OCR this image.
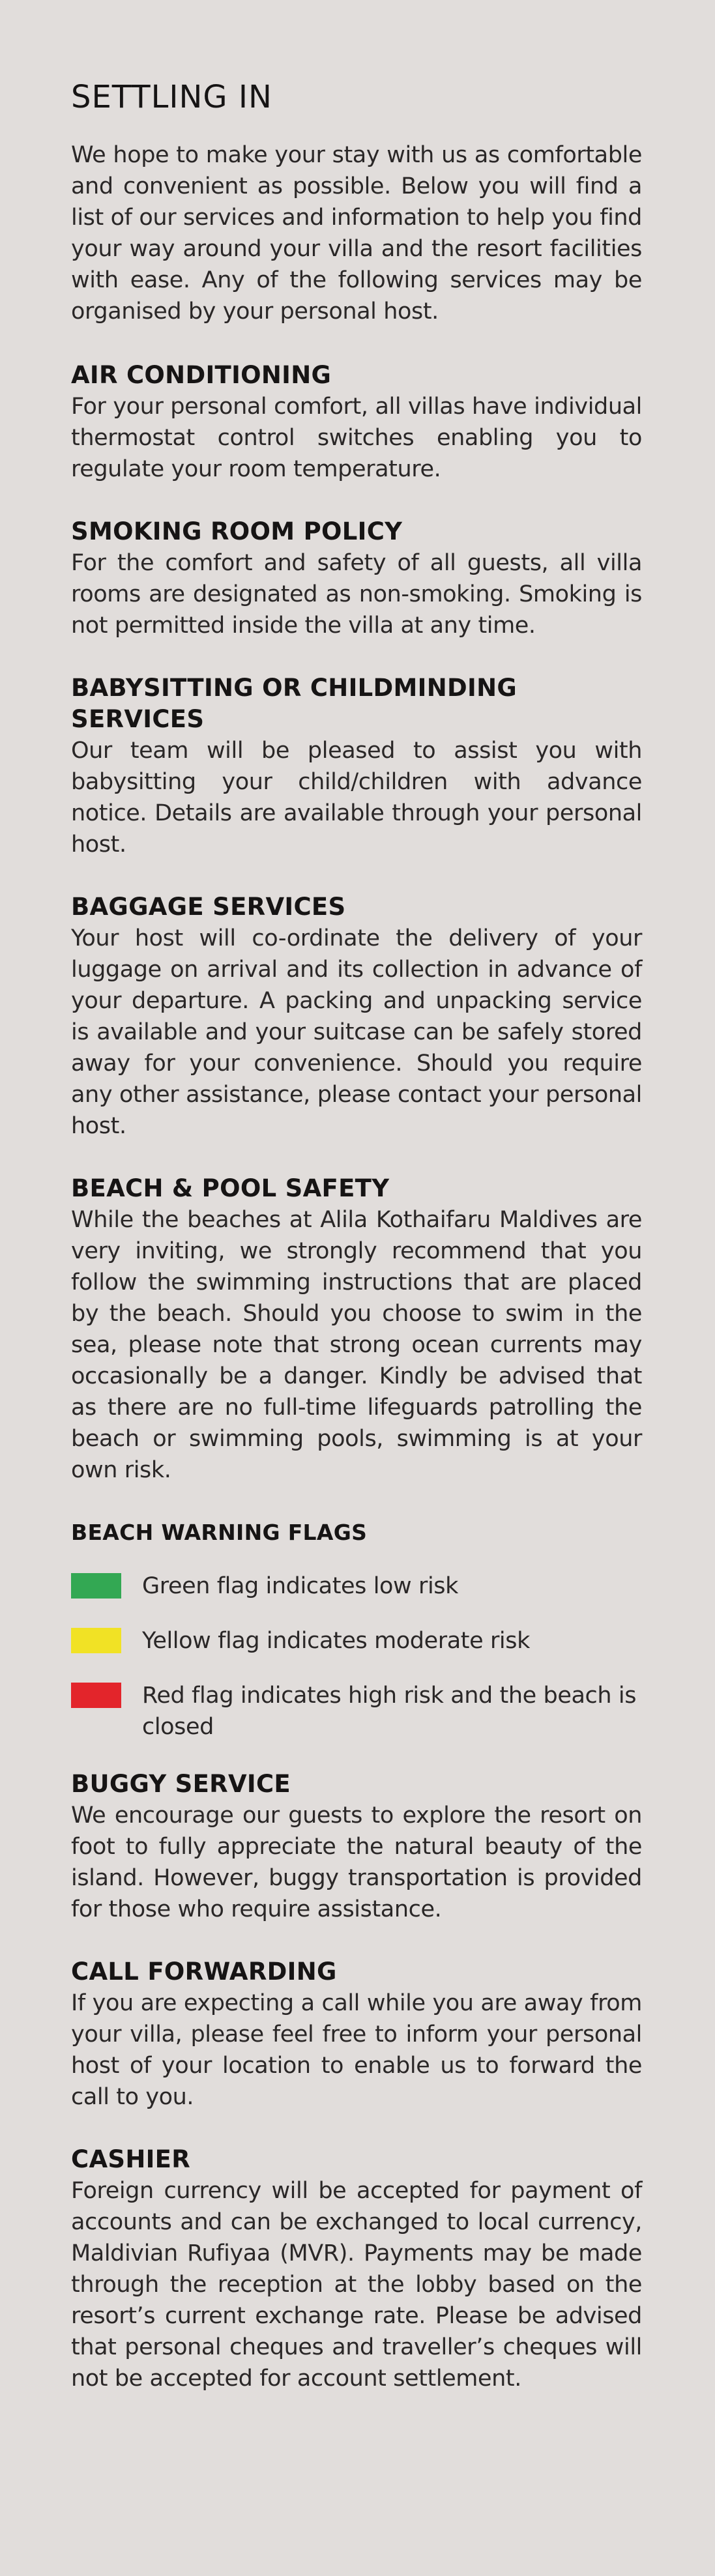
SETTLING IN

We hope to make your stay with us as comfortable and convenient as possible. Below you will find a list of our services and information to help you find your way around your villa and the resort facilities with ease. Any of the following services may be organised by your personal host.

AIR CONDITIONING

For your personal comfort, all villas have individual thermostat control switches enabling you to regulate your room temperature.

SMOKING ROOM POLICY

For the comfort and safety of all guests, all villa rooms are designated as non-smoking. Smoking is not permitted inside the villa at any time.

BABYSITTING OR CHILDMINDING SERVICES

Our team will be pleased to assist you with babysitting your child/children with advance notice. Details are available through your personal host.

BAGGAGE SERVICES

Your host will co-ordinate the delivery of your luggage on arrival and its collection in advance of your departure. A packing and unpacking service is available and your suitcase can be safely stored away for your convenience. Should you require any other assistance, please contact your personal host.

BEACH & POOL SAFETY

While the beaches at Alila Kothaifaru Maldives are very inviting, we strongly recommend that you follow the swimming instructions that are placed by the beach. Should you choose to swim in the sea, please note that strong ocean currents may occasionally be a danger. Kindly be advised that as there are no full-time lifeguards patrolling the beach or swimming pools, swimming is at your own risk.

BEACH WARNING FLAGS
Green flag indicates low risk
Yellow flag indicates moderate risk
Red flag indicates high risk and the beach is closed
BUGGY SERVICE

We encourage our guests to explore the resort on foot to fully appreciate the natural beauty of the island. However, buggy transportation is provided for those who require assistance.

CALL FORWARDING

If you are expecting a call while you are away from your villa, please feel free to inform your personal host of your location to enable us to forward the call to you.

CASHIER

Foreign currency will be accepted for payment of accounts and can be exchanged to local currency, Maldivian Rufiyaa (MVR). Payments may be made through the reception at the lobby based on the resort’s current exchange rate. Please be advised that personal cheques and traveller’s cheques will not be accepted for account settlement.
